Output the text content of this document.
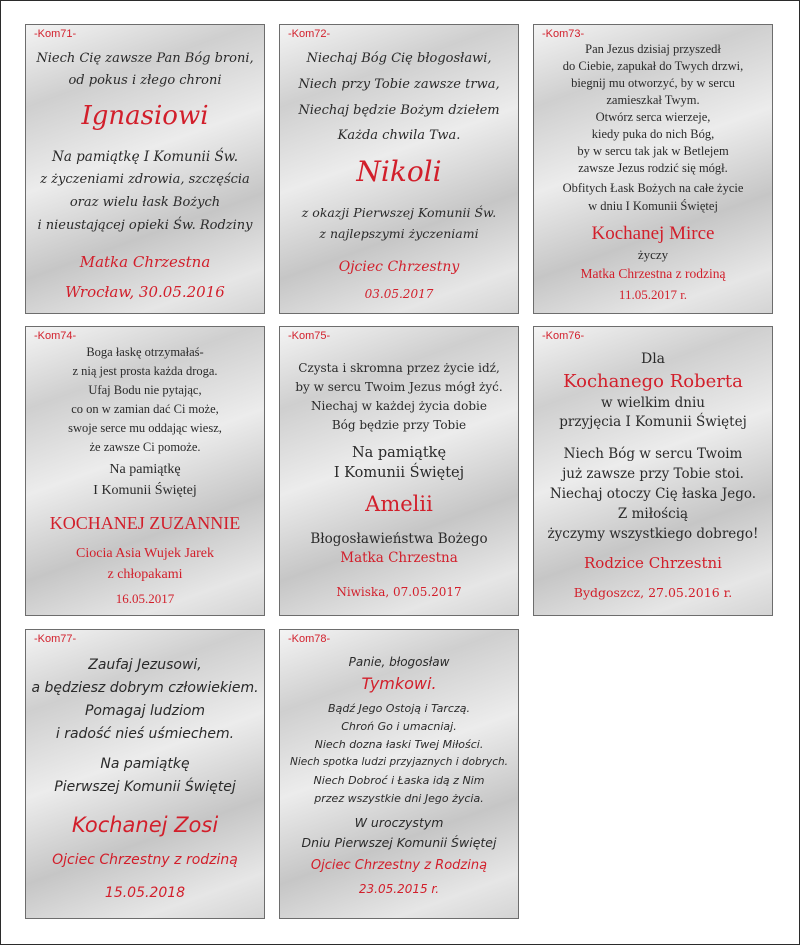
-Kom71-
Niech Cię zawsze Pan Bóg broni,
od pokus i złego chroni
Ignasiowi
Na pamiątkę I Komunii Św.
z życzeniami zdrowia, szczęścia
oraz wielu łask Bożych
i nieustającej opieki Św. Rodziny
Matka Chrzestna
Wrocław, 30.05.2016
-Kom72-
Niechaj Bóg Cię błogosławi,
Niech przy Tobie zawsze trwa,
Niechaj będzie Bożym dziełem
Każda chwila Twa.
Nikoli
z okazji Pierwszej Komunii Św.
z najlepszymi życzeniami
Ojciec Chrzestny
03.05.2017
-Kom73-
Pan Jezus dzisiaj przyszedł
do Ciebie, zapukał do Twych drzwi,
biegnij mu otworzyć, by w sercu
zamieszkał Twym.
Otwórz serca wierzeje,
kiedy puka do nich Bóg,
by w sercu tak jak w Betlejem
zawsze Jezus rodzić się mógł.
Obfitych Łask Bożych na całe życie
w dniu I Komunii Świętej
Kochanej Mirce
życzy
Matka Chrzestna z rodziną
11.05.2017 r.
-Kom74-
Boga łaskę otrzymałaś-
z nią jest prosta każda droga.
Ufaj Bodu nie pytając,
co on w zamian dać Ci może,
swoje serce mu oddając wiesz,
że zawsze Ci pomoże.
Na pamiątkę
I Komunii Świętej
KOCHANEJ ZUZANNIE
Ciocia Asia Wujek Jarek
z chłopakami
16.05.2017
-Kom75-
Czysta i skromna przez życie idź,
by w sercu Twoim Jezus mógł żyć.
Niechaj w każdej życia dobie
Bóg będzie przy Tobie
Na pamiątkę
I Komunii Świętej
Amelii
Błogosławieństwa Bożego
Matka Chrzestna
Niwiska, 07.05.2017
-Kom76-
Dla
Kochanego Roberta
w wielkim dniu
przyjęcia I Komunii Świętej
Niech Bóg w sercu Twoim
już zawsze przy Tobie stoi.
Niechaj otoczy Cię łaska Jego.
Z miłością
życzymy wszystkiego dobrego!
Rodzice Chrzestni
Bydgoszcz, 27.05.2016 r.
-Kom77-
Zaufaj Jezusowi,
a będziesz dobrym człowiekiem.
Pomagaj ludziom
i radość nieś uśmiechem.
Na pamiątkę
Pierwszej Komunii Świętej
Kochanej Zosi
Ojciec Chrzestny z rodziną
15.05.2018
-Kom78-
Panie, błogosław
Tymkowi.
Bądź Jego Ostoją i Tarczą.
Chroń Go i umacniaj.
Niech dozna łaski Twej Miłości.
Niech spotka ludzi przyjaznych i dobrych.
Niech Dobroć i Łaska idą z Nim
przez wszystkie dni Jego życia.
W uroczystym
Dniu Pierwszej Komunii Świętej
Ojciec Chrzestny z Rodziną
23.05.2015 r.
